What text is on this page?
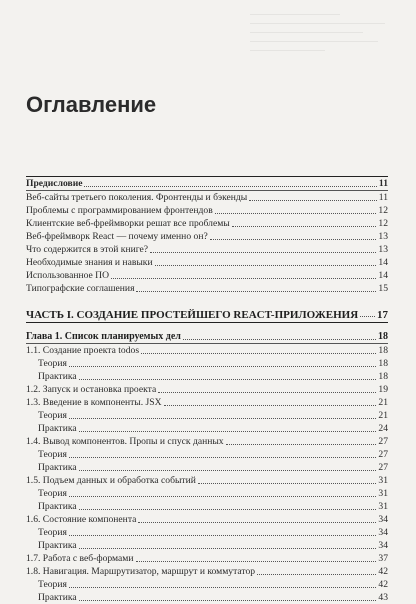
Оглавление
Предисловие	11
Веб-сайты третьего поколения. Фронтенды и бэкенды	11
Проблемы с программированием фронтендов	12
Клиентские веб-фреймворки решат все проблемы	12
Веб-фреймворк React — почему именно он?	13
Что содержится в этой книге?	13
Необходимые знания и навыки	14
Использованное ПО	14
Типографские соглашения	15
ЧАСТЬ I. СОЗДАНИЕ ПРОСТЕЙШЕГО REACT-ПРИЛОЖЕНИЯ 17
Глава 1. Список планируемых дел	18
1.1. Создание проекта todos	18
Теория	18
Практика	18
1.2. Запуск и остановка проекта	19
1.3. Введение в компоненты. JSX	21
Теория	21
Практика	24
1.4. Вывод компонентов. Пропы и спуск данных	27
Теория	27
Практика	27
1.5. Подъем данных и обработка событий	31
Теория	31
Практика	31
1.6. Состояние компонента	34
Теория	34
Практика	34
1.7. Работа с веб-формами	37
1.8. Навигация. Маршрутизатор, маршрут и коммутатор	42
Теория	42
Практика	43
